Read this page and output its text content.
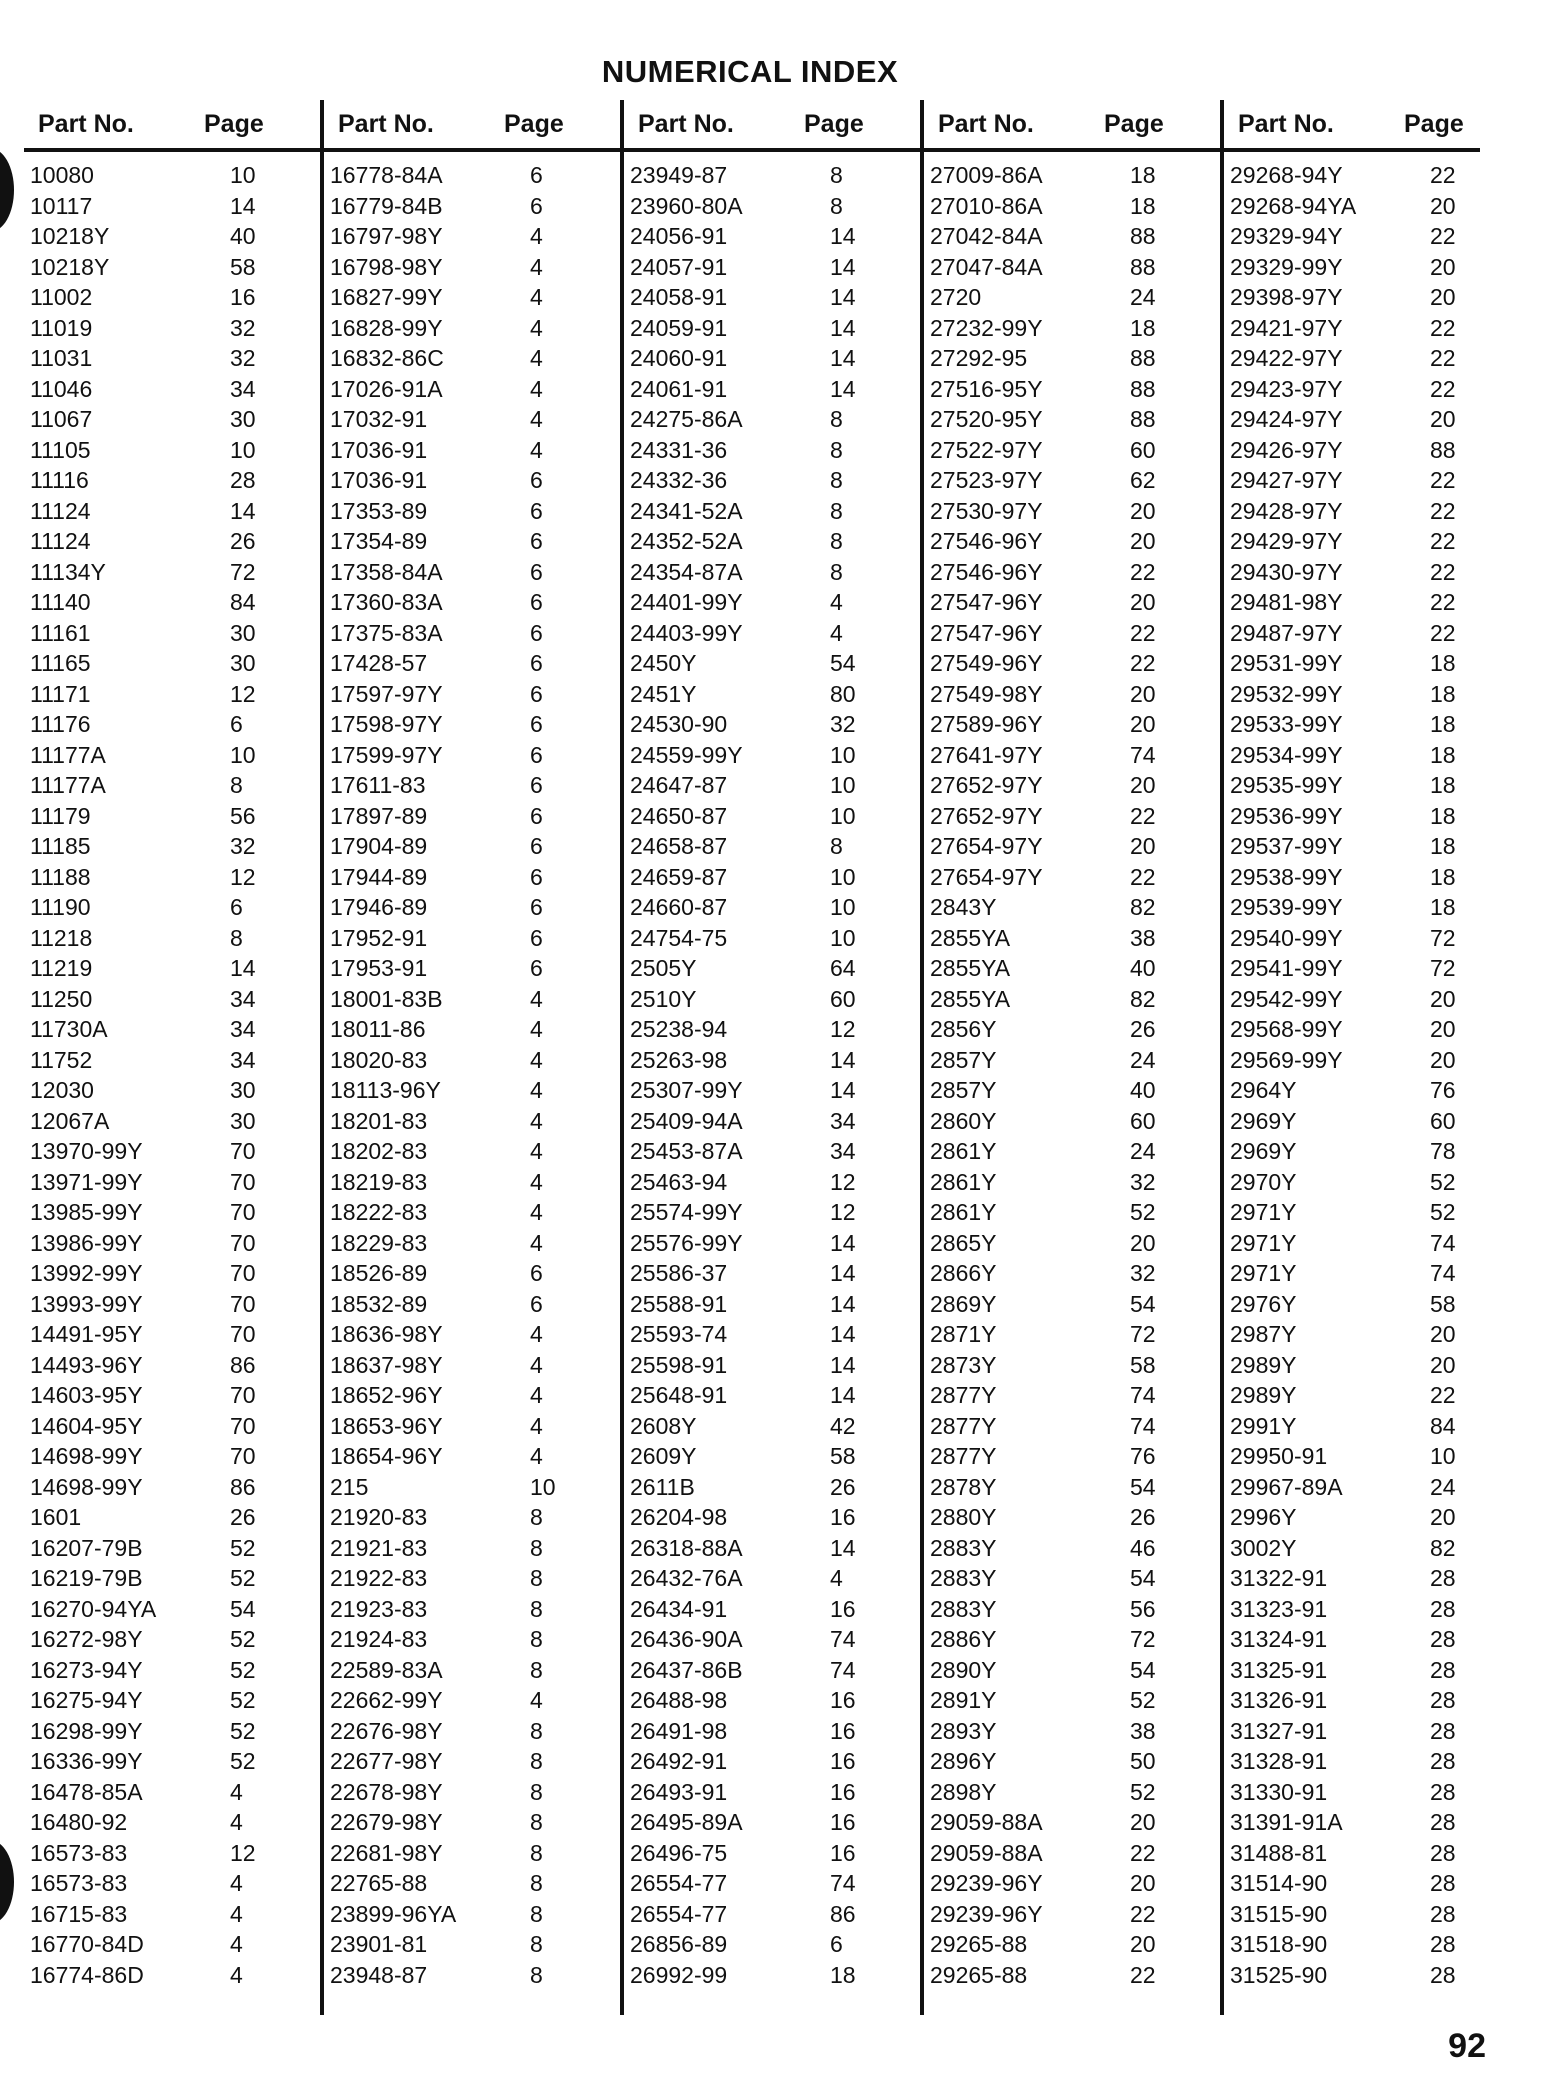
NUMERICAL INDEX
Part No.	Page
10080	10
10117	14
10218Y	40
10218Y	58
11002	16
11019	32
11031	32
11046	34
11067	30
11105	10
11116	28
11124	14
11124	26
11134Y	72
11140	84
11161	30
11165	30
11171	12
11176	6
11177A	10
11177A	8
11179	56
11185	32
11188	12
11190	6
11218	8
11219	14
11250	34
11730A	34
11752	34
12030	30
12067A	30
13970-99Y	70
13971-99Y	70
13985-99Y	70
13986-99Y	70
13992-99Y	70
13993-99Y	70
14491-95Y	70
14493-96Y	86
14603-95Y	70
14604-95Y	70
14698-99Y	70
14698-99Y	86
1601	26
16207-79B	52
16219-79B	52
16270-94YA	54
16272-98Y	52
16273-94Y	52
16275-94Y	52
16298-99Y	52
16336-99Y	52
16478-85A	4
16480-92	4
16573-83	12
16573-83	4
16715-83	4
16770-84D	4
16774-86D	4
Part No.	Page
16778-84A	6
16779-84B	6
16797-98Y	4
16798-98Y	4
16827-99Y	4
16828-99Y	4
16832-86C	4
17026-91A	4
17032-91	4
17036-91	4
17036-91	6
17353-89	6
17354-89	6
17358-84A	6
17360-83A	6
17375-83A	6
17428-57	6
17597-97Y	6
17598-97Y	6
17599-97Y	6
17611-83	6
17897-89	6
17904-89	6
17944-89	6
17946-89	6
17952-91	6
17953-91	6
18001-83B	4
18011-86	4
18020-83	4
18113-96Y	4
18201-83	4
18202-83	4
18219-83	4
18222-83	4
18229-83	4
18526-89	6
18532-89	6
18636-98Y	4
18637-98Y	4
18652-96Y	4
18653-96Y	4
18654-96Y	4
215	10
21920-83	8
21921-83	8
21922-83	8
21923-83	8
21924-83	8
22589-83A	8
22662-99Y	4
22676-98Y	8
22677-98Y	8
22678-98Y	8
22679-98Y	8
22681-98Y	8
22765-88	8
23899-96YA	8
23901-81	8
23948-87	8
Part No.	Page
23949-87	8
23960-80A	8
24056-91	14
24057-91	14
24058-91	14
24059-91	14
24060-91	14
24061-91	14
24275-86A	8
24331-36	8
24332-36	8
24341-52A	8
24352-52A	8
24354-87A	8
24401-99Y	4
24403-99Y	4
2450Y	54
2451Y	80
24530-90	32
24559-99Y	10
24647-87	10
24650-87	10
24658-87	8
24659-87	10
24660-87	10
24754-75	10
2505Y	64
2510Y	60
25238-94	12
25263-98	14
25307-99Y	14
25409-94A	34
25453-87A	34
25463-94	12
25574-99Y	12
25576-99Y	14
25586-37	14
25588-91	14
25593-74	14
25598-91	14
25648-91	14
2608Y	42
2609Y	58
2611B	26
26204-98	16
26318-88A	14
26432-76A	4
26434-91	16
26436-90A	74
26437-86B	74
26488-98	16
26491-98	16
26492-91	16
26493-91	16
26495-89A	16
26496-75	16
26554-77	74
26554-77	86
26856-89	6
26992-99	18
Part No.	Page
27009-86A	18
27010-86A	18
27042-84A	88
27047-84A	88
2720	24
27232-99Y	18
27292-95	88
27516-95Y	88
27520-95Y	88
27522-97Y	60
27523-97Y	62
27530-97Y	20
27546-96Y	20
27546-96Y	22
27547-96Y	20
27547-96Y	22
27549-96Y	22
27549-98Y	20
27589-96Y	20
27641-97Y	74
27652-97Y	20
27652-97Y	22
27654-97Y	20
27654-97Y	22
2843Y	82
2855YA	38
2855YA	40
2855YA	82
2856Y	26
2857Y	24
2857Y	40
2860Y	60
2861Y	24
2861Y	32
2861Y	52
2865Y	20
2866Y	32
2869Y	54
2871Y	72
2873Y	58
2877Y	74
2877Y	74
2877Y	76
2878Y	54
2880Y	26
2883Y	46
2883Y	54
2883Y	56
2886Y	72
2890Y	54
2891Y	52
2893Y	38
2896Y	50
2898Y	52
29059-88A	20
29059-88A	22
29239-96Y	20
29239-96Y	22
29265-88	20
29265-88	22
Part No.	Page
29268-94Y	22
29268-94YA	20
29329-94Y	22
29329-99Y	20
29398-97Y	20
29421-97Y	22
29422-97Y	22
29423-97Y	22
29424-97Y	20
29426-97Y	88
29427-97Y	22
29428-97Y	22
29429-97Y	22
29430-97Y	22
29481-98Y	22
29487-97Y	22
29531-99Y	18
29532-99Y	18
29533-99Y	18
29534-99Y	18
29535-99Y	18
29536-99Y	18
29537-99Y	18
29538-99Y	18
29539-99Y	18
29540-99Y	72
29541-99Y	72
29542-99Y	20
29568-99Y	20
29569-99Y	20
2964Y	76
2969Y	60
2969Y	78
2970Y	52
2971Y	52
2971Y	74
2971Y	74
2976Y	58
2987Y	20
2989Y	20
2989Y	22
2991Y	84
29950-91	10
29967-89A	24
2996Y	20
3002Y	82
31322-91	28
31323-91	28
31324-91	28
31325-91	28
31326-91	28
31327-91	28
31328-91	28
31330-91	28
31391-91A	28
31488-81	28
31514-90	28
31515-90	28
31518-90	28
31525-90	28
92
